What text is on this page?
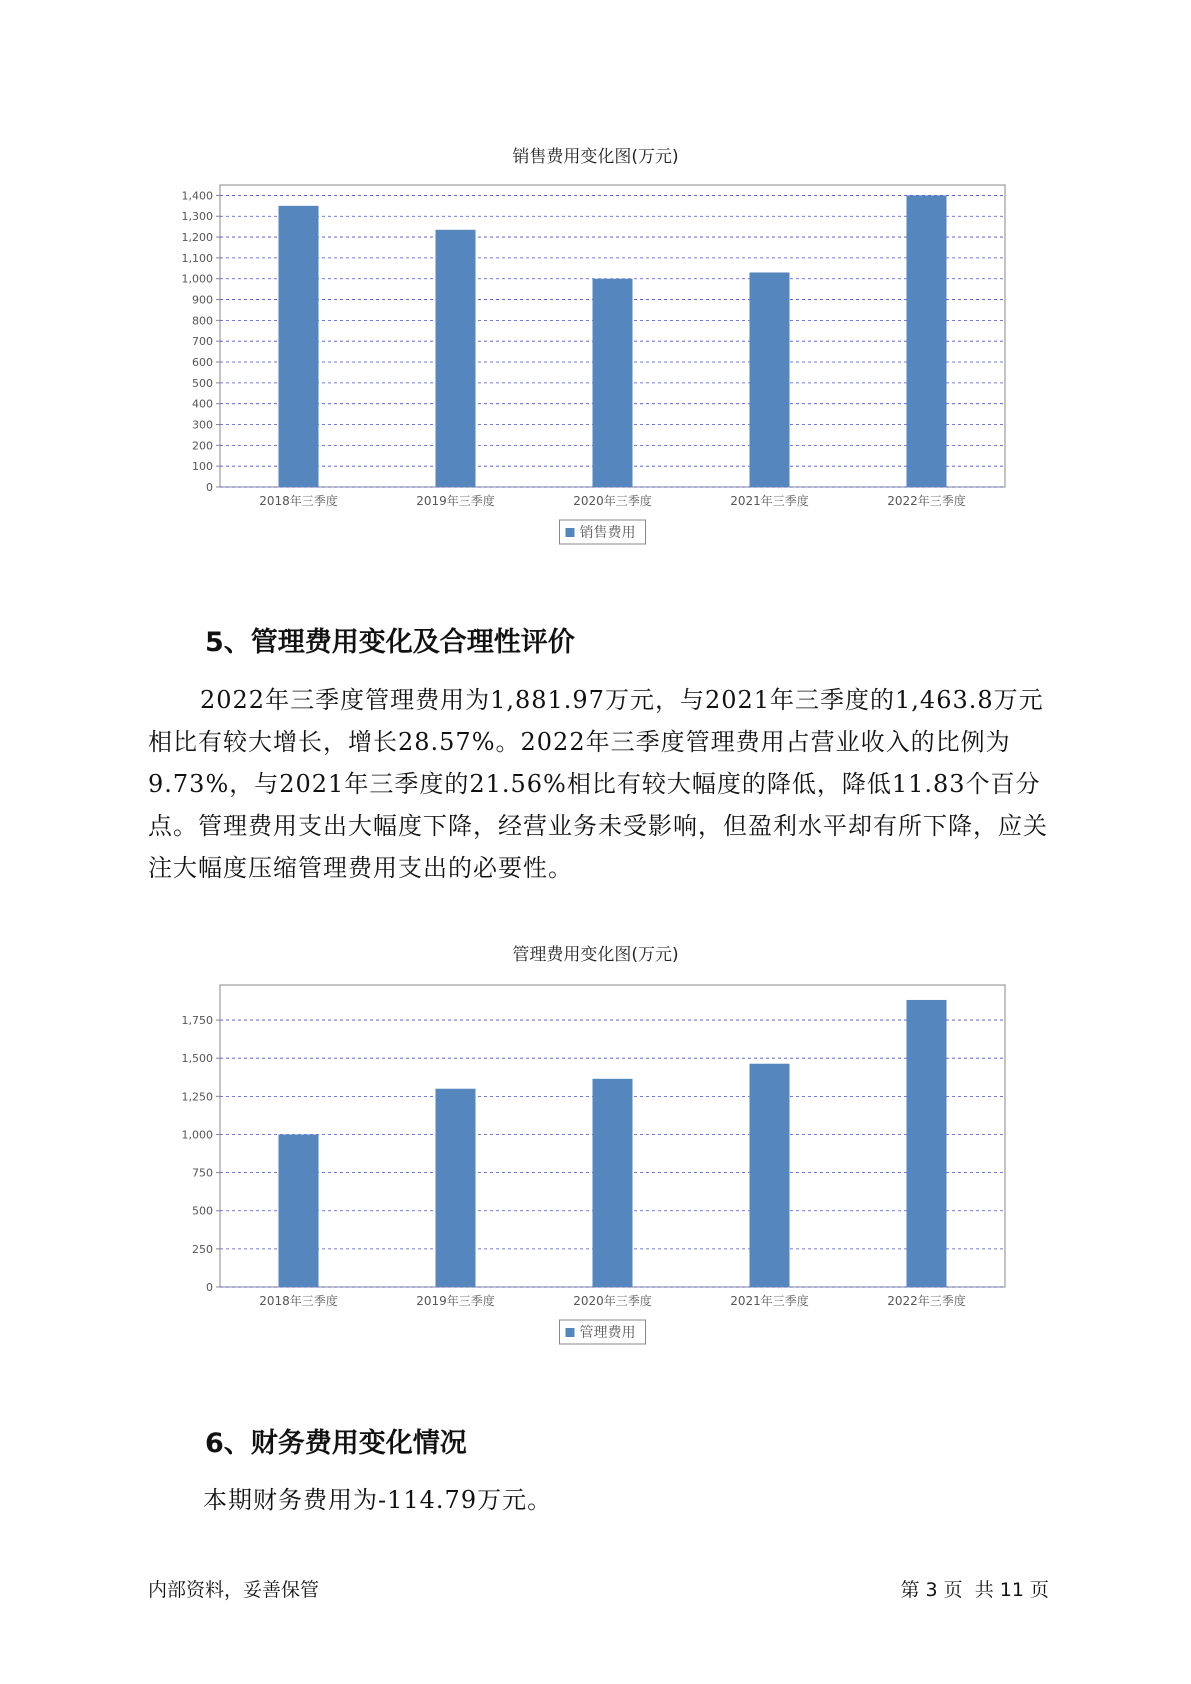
销售费用变化图(万元)
0
100
200
300
400
500
600
700
800
900
1,000
1,100
1,200
1,300
1,400
2018年三季度	2019年三季度	2020年三季度	2021年三季度	2022年三季度
销售费用
5、管理费用变化及合理性评价
2022年三季度管理费用为1,881.97万元，与2021年三季度的1,463.8万元相比有较大增长，增长28.57%。2022年三季度管理费用占营业收入的比例为9.73%，与2021年三季度的21.56%相比有较大幅度的降低，降低11.83个百分点。管理费用支出大幅度下降，经营业务未受影响，但盈利水平却有所下降，应关注大幅度压缩管理费用支出的必要性。
管理费用变化图(万元)
0
250
500
750
1,000
1,250
1,500
1,750
2018年三季度	2019年三季度	2020年三季度	2021年三季度	2022年三季度
管理费用
6、财务费用变化情况
本期财务费用为-114.79万元。
内部资料，妥善保管	第 3 页  共 11 页
